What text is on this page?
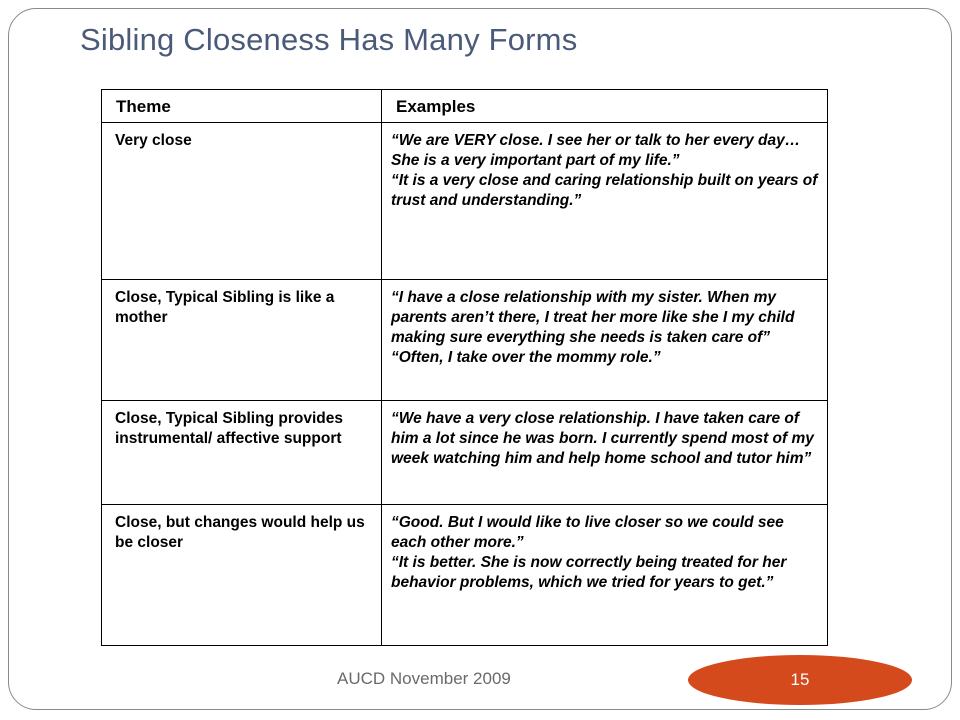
Sibling Closeness Has Many Forms
Theme	Examples
Very close	“We are VERY close. I see her or talk to her every day…She is a very important part of my life.”
“It is a very close and caring relationship built on years of trust and understanding.”

Close, Typical Sibling is like a mother	“I have a close relationship with my sister. When my parents aren’t there, I treat her more like she I my child making sure everything she needs is taken care of”
“Often, I take over the mommy role.”

Close, Typical Sibling provides instrumental/ affective support	“We have a very close relationship. I have taken care of him a lot since he was born. I currently spend most of my week watching him and help home school and tutor him”

Close, but changes would help us be closer	“Good. But I would like to live closer so we could see each other more.”
“It is better. She is now correctly being treated for her behavior problems, which we tried for years to get.”
AUCD November 2009	15
